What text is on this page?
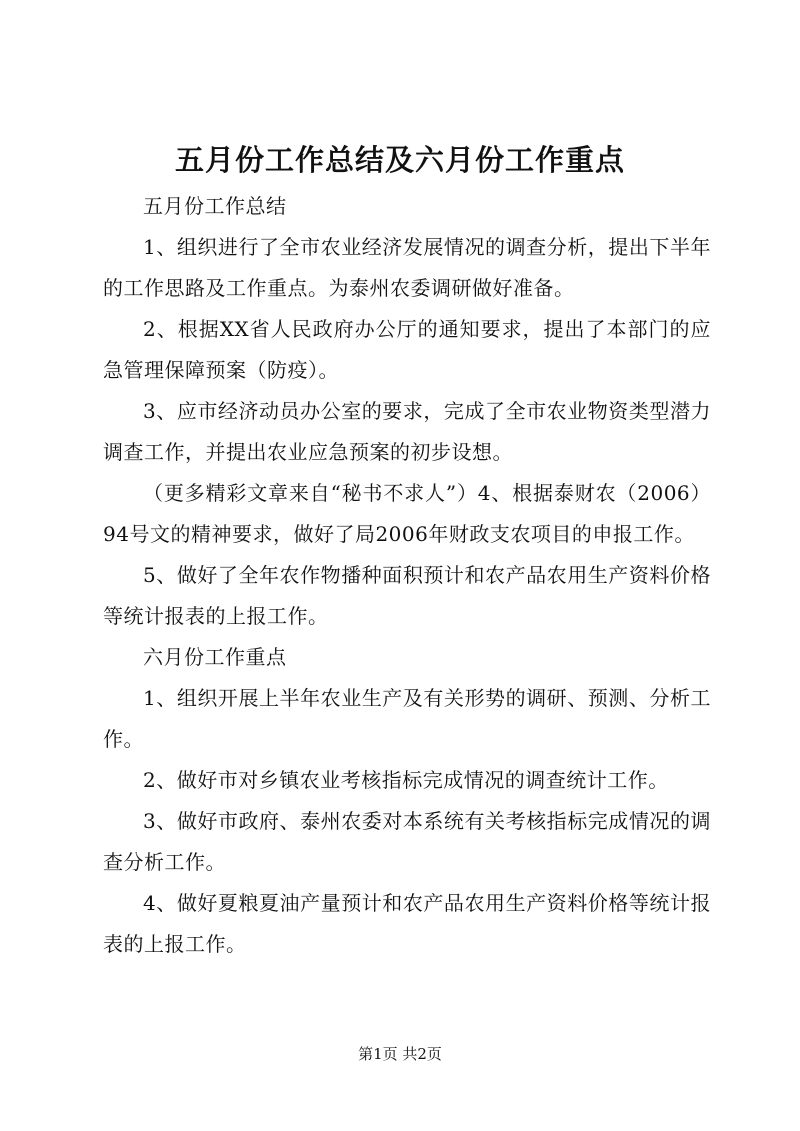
五月份工作总结及六月份工作重点

五月份工作总结

1、组织进行了全市农业经济发展情况的调查分析，提出下半年的工作思路及工作重点。为泰州农委调研做好准备。

2、根据XX省人民政府办公厅的通知要求，提出了本部门的应急管理保障预案（防疫）。

3、应市经济动员办公室的要求，完成了全市农业物资类型潜力调查工作，并提出农业应急预案的初步设想。

（更多精彩文章来自“秘书不求人”）4、根据泰财农（2006）94号文的精神要求，做好了局2006年财政支农项目的申报工作。

5、做好了全年农作物播种面积预计和农产品农用生产资料价格等统计报表的上报工作。

六月份工作重点

1、组织开展上半年农业生产及有关形势的调研、预测、分析工作。

2、做好市对乡镇农业考核指标完成情况的调查统计工作。

3、做好市政府、泰州农委对本系统有关考核指标完成情况的调查分析工作。

4、做好夏粮夏油产量预计和农产品农用生产资料价格等统计报表的上报工作。

第1页 共2页
